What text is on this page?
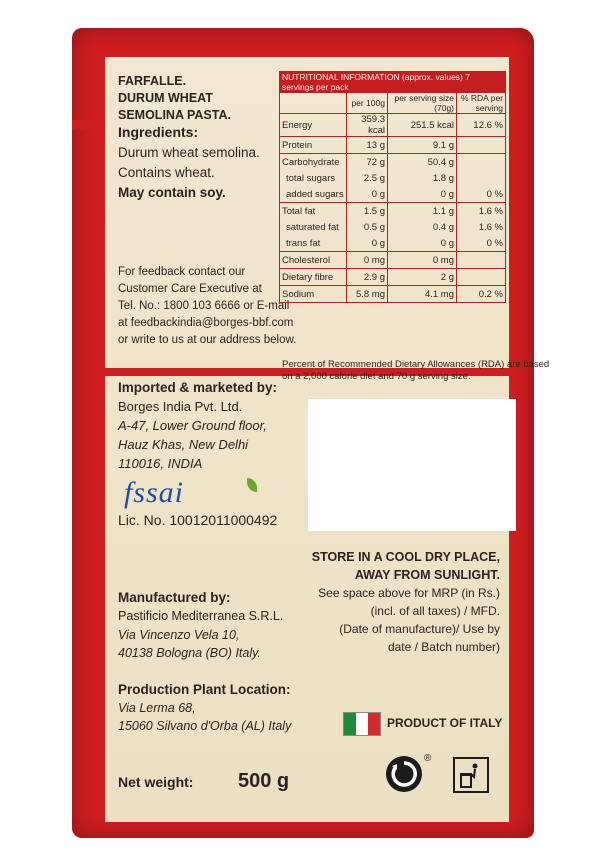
FARFALLE.
DURUM WHEAT
SEMOLINA PASTA.
Ingredients:
Durum wheat semolina.
Contains wheat.
May contain soy.
For feedback contact our
Customer Care Executive at
Tel. No.: 1800 103 6666 or E-mail
at feedbackindia@borges-bbf.com
or write to us at our address below.
Imported & marketed by:
Borges India Pvt. Ltd.
A-47, Lower Ground floor,
Hauz Khas, New Delhi
110016, INDIA
fssai
Lic. No. 10012011000492
Manufactured by:
Pastificio Mediterranea S.R.L.
Via Vincenzo Vela 10,
40138 Bologna (BO) Italy.
Production Plant Location:
Via Lerma 68,
15060 Silvano d'Orba (AL) Italy
Net weight: 500 g
NUTRITIONAL INFORMATION (approx. values) 7 servings per pack			
	per 100g	per serving size (70g)	% RDA per serving
Energy	359.3 kcal	251.5 kcal	12.6 %
Protein	13 g	9.1 g	
Carbohydrate	72 g	50.4 g	
total sugars	2.5 g	1.8 g	
added sugars	0 g	0 g	0 %
Total fat	1.5 g	1.1 g	1.6 %
saturated fat	0.5 g	0.4 g	1.6 %
trans fat	0 g	0 g	0 %
Cholesterol	0 mg	0 mg	
Dietary fibre	2.9 g	2 g	
Sodium	5.8 mg	4.1 mg	0.2 %
Percent of Recommended Dietary Allowances (RDA) are based
on a 2,000 calorie diet and 70 g serving size.
STORE IN A COOL DRY PLACE,
AWAY FROM SUNLIGHT.
See space above for MRP (in Rs.)
(incl. of all taxes) / MFD.
(Date of manufacture)/ Use by
date / Batch number)
PRODUCT OF ITALY
®
